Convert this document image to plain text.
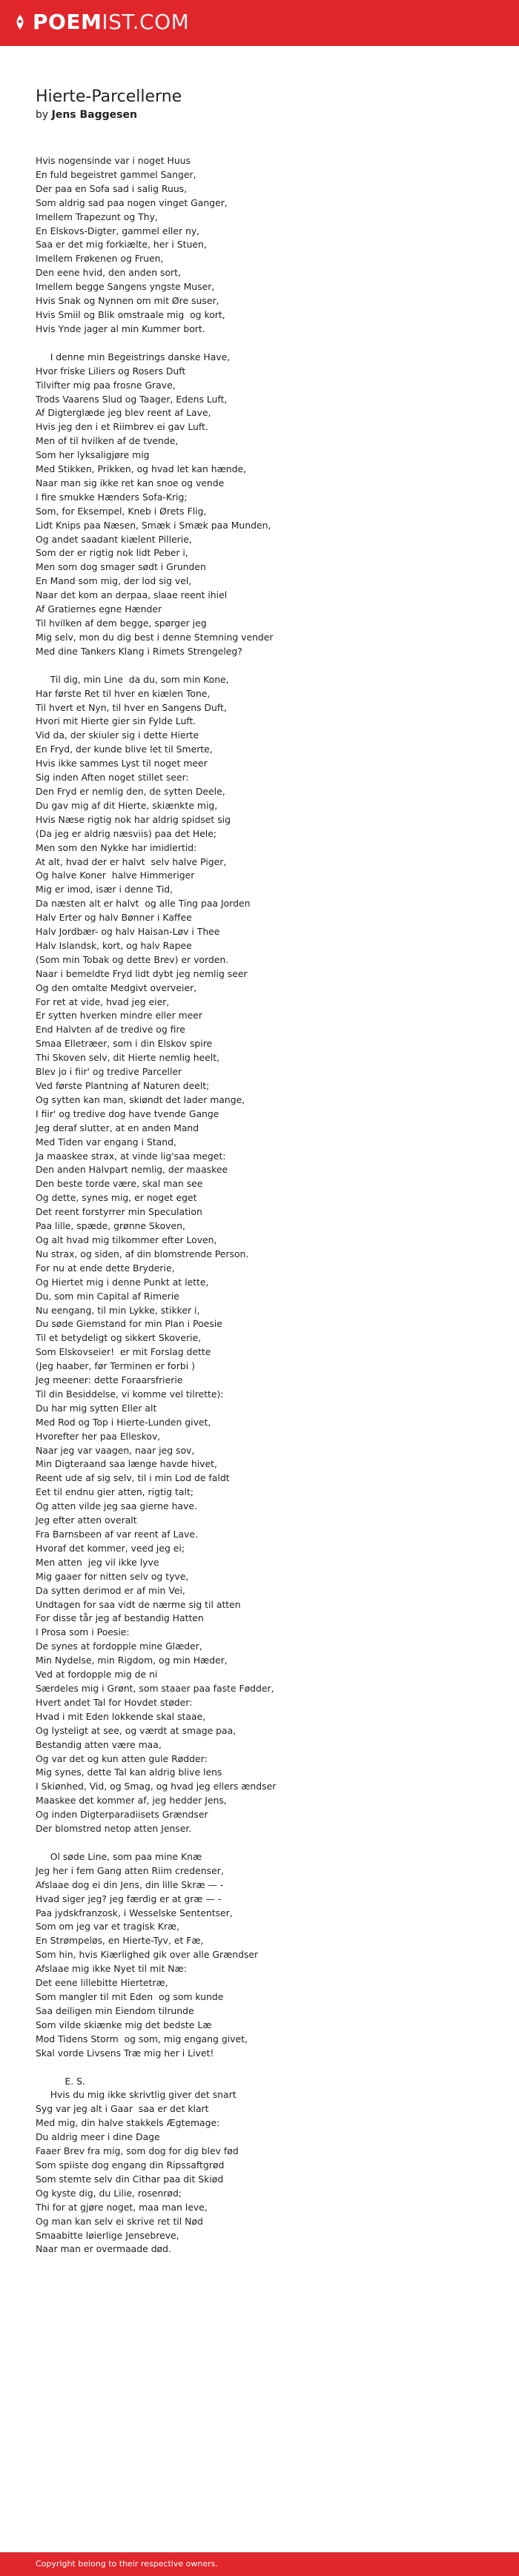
POEMIST.COM
Hierte-Parcellerne
by Jens Baggesen
Hvis nogensinde var i noget Huus
En fuld begeistret gammel Sanger,
Der paa en Sofa sad i salig Ruus,
Som aldrig sad paa nogen vinget Ganger,
Imellem Trapezunt og Thy,
En Elskovs-Digter, gammel eller ny,
Saa er det mig forkiælte, her i Stuen,
Imellem Frøkenen og Fruen,
Den eene hvid, den anden sort,
Imellem begge Sangens yngste Muser,
Hvis Snak og Nynnen om mit Øre suser,
Hvis Smiil og Blik omstraale mig  og kort,
Hvis Ynde jager al min Kummer bort.
I denne min Begeistrings danske Have,
Hvor friske Liliers og Rosers Duft
Tilvifter mig paa frosne Grave,
Trods Vaarens Slud og Taager, Edens Luft,
Af Digterglæde jeg blev reent af Lave,
Hvis jeg den i et Riimbrev ei gav Luft.
Men of til hvilken af de tvende,
Som her lyksaligjøre mig
Med Stikken, Prikken, og hvad let kan hænde,
Naar man sig ikke ret kan snoe og vende
I fire smukke Hænders Sofa-Krig;
Som, for Eksempel, Kneb i Ørets Flig,
Lidt Knips paa Næsen, Smæk i Smæk paa Munden,
Og andet saadant kiælent Pillerie,
Som der er rigtig nok lidt Peber i,
Men som dog smager sødt i Grunden
En Mand som mig, der lod sig vel,
Naar det kom an derpaa, slaae reent ihiel
Af Gratiernes egne Hænder
Til hvilken af dem begge, spørger jeg
Mig selv, mon du dig best i denne Stemning vender
Med dine Tankers Klang i Rimets Strengeleg?
Til dig, min Line  da du, som min Kone,
Har første Ret til hver en kiælen Tone,
Til hvert et Nyn, til hver en Sangens Duft,
Hvori mit Hierte gier sin Fylde Luft.
Vid da, der skiuler sig i dette Hierte
En Fryd, der kunde blive let til Smerte,
Hvis ikke sammes Lyst til noget meer
Sig inden Aften noget stillet seer:
Den Fryd er nemlig den, de sytten Deele,
Du gav mig af dit Hierte, skiænkte mig,
Hvis Næse rigtig nok har aldrig spidset sig
(Da jeg er aldrig næsviis) paa det Hele;
Men som den Nykke har imidlertid:
At alt, hvad der er halvt  selv halve Piger,
Og halve Koner  halve Himmeriger
Mig er imod, især i denne Tid,
Da næsten alt er halvt  og alle Ting paa Jorden
Halv Erter og halv Bønner i Kaffee
Halv Jordbær- og halv Haisan-Løv i Thee
Halv Islandsk, kort, og halv Rapee
(Som min Tobak og dette Brev) er vorden.
Naar i bemeldte Fryd lidt dybt jeg nemlig seer
Og den omtalte Medgivt overveier,
For ret at vide, hvad jeg eier,
Er sytten hverken mindre eller meer
End Halvten af de tredive og fire
Smaa Elletræer, som i din Elskov spire
Thi Skoven selv, dit Hierte nemlig heelt,
Blev jo i fiir' og tredive Parceller
Ved første Plantning af Naturen deelt;
Og sytten kan man, skiøndt det lader mange,
I fiir' og tredive dog have tvende Gange
Jeg deraf slutter, at en anden Mand
Med Tiden var engang i Stand,
Ja maaskee strax, at vinde lig'saa meget:
Den anden Halvpart nemlig, der maaskee
Den beste torde være, skal man see
Og dette, synes mig, er noget eget
Det reent forstyrrer min Speculation
Paa lille, spæde, grønne Skoven,
Og alt hvad mig tilkommer efter Loven,
Nu strax, og siden, af din blomstrende Person.
For nu at ende dette Bryderie,
Og Hiertet mig i denne Punkt at lette,
Du, som min Capital af Rimerie
Nu eengang, til min Lykke, stikker i,
Du søde Giemstand for min Plan i Poesie
Til et betydeligt og sikkert Skoverie,
Som Elskovseier!  er mit Forslag dette
(Jeg haaber, før Terminen er forbi )
Jeg meener: dette Foraarsfrierie
Til din Besiddelse, vi komme vel tilrette):
Du har mig sytten Eller alt
Med Rod og Top i Hierte-Lunden givet,
Hvorefter her paa Elleskov,
Naar jeg var vaagen, naar jeg sov,
Min Digteraand saa længe havde hivet,
Reent ude af sig selv, til i min Lod de faldt
Eet til endnu gier atten, rigtig talt;
Og atten vilde jeg saa gierne have.
Jeg efter atten overalt
Fra Barnsbeen af var reent af Lave.
Hvoraf det kommer, veed jeg ei;
Men atten  jeg vil ikke lyve
Mig gaaer for nitten selv og tyve,
Da sytten derimod er af min Vei,
Undtagen for saa vidt de nærme sig til atten
For disse tår jeg af bestandig Hatten
I Prosa som i Poesie:
De synes at fordopple mine Glæder,
Min Nydelse, min Rigdom, og min Hæder,
Ved at fordopple mig de ni
Særdeles mig i Grønt, som staaer paa faste Fødder,
Hvert andet Tal for Hovdet støder:
Hvad i mit Eden lokkende skal staae,
Og lysteligt at see, og værdt at smage paa,
Bestandig atten være maa,
Og var det og kun atten gule Rødder:
Mig synes, dette Tal kan aldrig blive lens
I Skiønhed, Vid, og Smag, og hvad jeg ellers ændser
Maaskee det kommer af, jeg hedder Jens,
Og inden Digterparadiisets Grændser
Der blomstred netop atten Jenser.
Ol søde Line, som paa mine Knæ
Jeg her i fem Gang atten Riim credenser,
Afslaae dog ei din Jens, din lille Skræ — -
Hvad siger jeg? jeg færdig er at græ — -
Paa jydskfranzosk, i Wesselske Sententser,
Som om jeg var et tragisk Kræ,
En Strømpeløs, en Hierte-Tyv, et Fæ,
Som hin, hvis Kiærlighed gik over alle Grændser
Afslaae mig ikke Nyet til mit Næ:
Det eene lillebitte Hiertetræ,
Som mangler til mit Eden  og som kunde
Saa deiligen min Eiendom tilrunde
Som vilde skiænke mig det bedste Læ
Mod Tidens Storm  og som, mig engang givet,
Skal vorde Livsens Træ mig her i Livet!
E. S.
Hvis du mig ikke skrivtlig giver det snart
Syg var jeg alt i Gaar  saa er det klart
Med mig, din halve stakkels Ægtemage:
Du aldrig meer i dine Dage
Faaer Brev fra mig, som dog for dig blev fød
Som spiiste dog engang din Ripssaftgrød
Som stemte selv din Cithar paa dit Skiød
Og kyste dig, du Lilie, rosenrød;
Thi for at gjøre noget, maa man leve,
Og man kan selv ei skrive ret til Nød
Smaabitte løierlige Jensebreve,
Naar man er overmaade død.
Copyright belong to their respective owners.
